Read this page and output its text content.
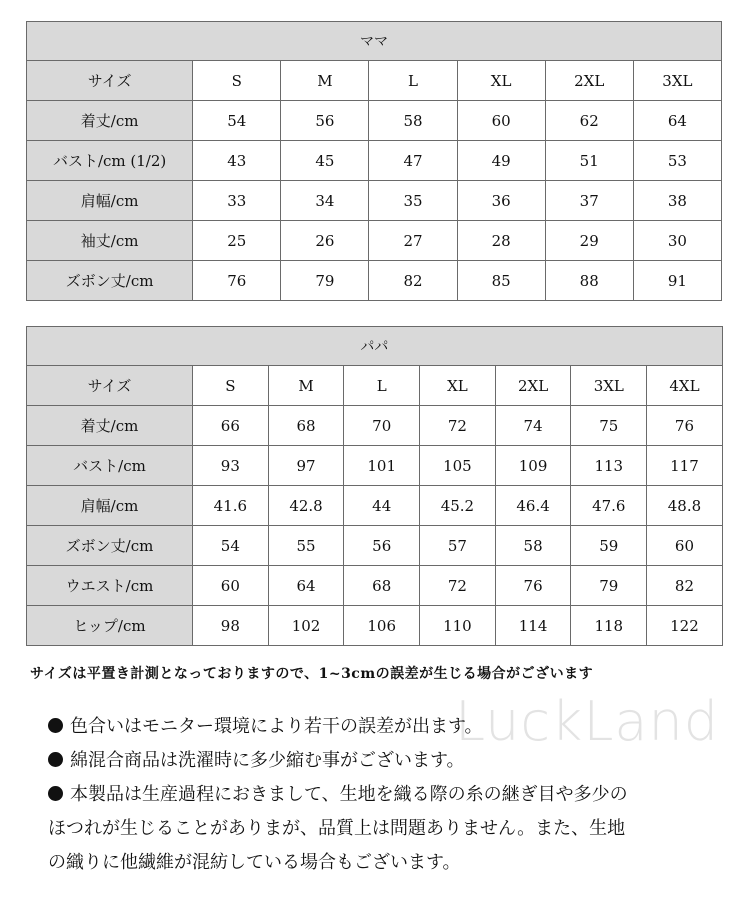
ママ						
サイズ	S	M	L	XL	2XL	3XL
着丈/cm	54	56	58	60	62	64
バスト/cm (1/2)	43	45	47	49	51	53
肩幅/cm	33	34	35	36	37	38
袖丈/cm	25	26	27	28	29	30
ズボン丈/cm	76	79	82	85	88	91
パパ							
サイズ	S	M	L	XL	2XL	3XL	4XL
着丈/cm	66	68	70	72	74	75	76
バスト/cm	93	97	101	105	109	113	117
肩幅/cm	41.6	42.8	44	45.2	46.4	47.6	48.8
ズボン丈/cm	54	55	56	57	58	59	60
ウエスト/cm	60	64	68	72	76	79	82
ヒップ/cm	98	102	106	110	114	118	122
サイズは平置き計測となっておりますので、1~3cmの誤差が生じる場合がございます
LuckLand

色合いはモニター環境により若干の誤差が出ます。

綿混合商品は洗濯時に多少縮む事がございます。

本製品は生産過程におきまして、生地を織る際の糸の継ぎ目や多少の

ほつれが生じることがありまが、品質上は問題ありません。また、生地

の織りに他繊維が混紡している場合もございます。
